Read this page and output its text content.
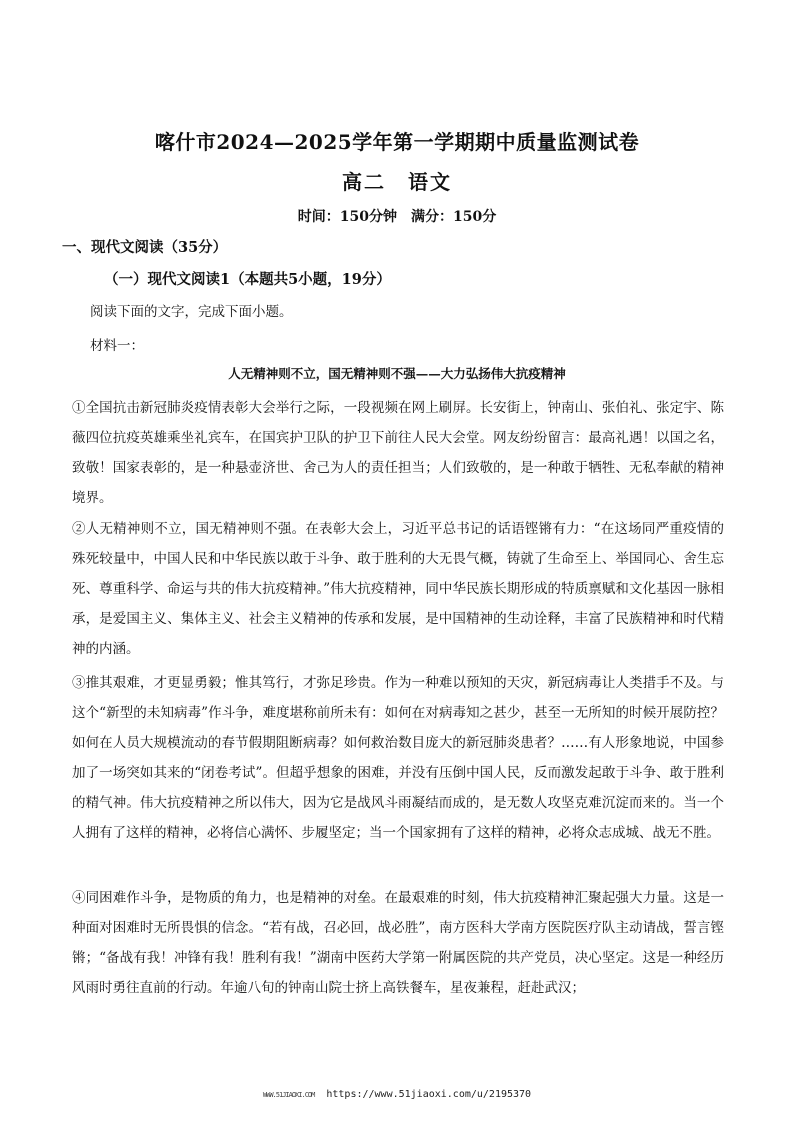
喀什市2024—2025学年第一学期期中质量监测试卷
高二　语文
时间：150分钟　满分：150分
一、现代文阅读（35分）
（一）现代文阅读1（本题共5小题，19分）
阅读下面的文字，完成下面小题。
材料一：
人无精神则不立，国无精神则不强——大力弘扬伟大抗疫精神
①全国抗击新冠肺炎疫情表彰大会举行之际，一段视频在网上刷屏。长安街上，钟南山、张伯礼、张定宇、陈薇四位抗疫英雄乘坐礼宾车，在国宾护卫队的护卫下前往人民大会堂。网友纷纷留言：最高礼遇！以国之名，致敬！国家表彰的，是一种悬壶济世、舍己为人的责任担当；人们致敬的，是一种敢于牺牲、无私奉献的精神境界。
②人无精神则不立，国无精神则不强。在表彰大会上，习近平总书记的话语铿锵有力：“在这场同严重疫情的殊死较量中，中国人民和中华民族以敢于斗争、敢于胜利的大无畏气概，铸就了生命至上、举国同心、舍生忘死、尊重科学、命运与共的伟大抗疫精神。”伟大抗疫精神，同中华民族长期形成的特质禀赋和文化基因一脉相承，是爱国主义、集体主义、社会主义精神的传承和发展，是中国精神的生动诠释，丰富了民族精神和时代精神的内涵。
③推其艰难，才更显勇毅；惟其笃行，才弥足珍贵。作为一种难以预知的天灾，新冠病毒让人类措手不及。与这个“新型的未知病毒”作斗争，难度堪称前所未有：如何在对病毒知之甚少，甚至一无所知的时候开展防控？如何在人员大规模流动的春节假期阻断病毒？如何救治数目庞大的新冠肺炎患者？……有人形象地说，中国参加了一场突如其来的“闭卷考试”。但超乎想象的困难，并没有压倒中国人民，反而激发起敢于斗争、敢于胜利的精气神。伟大抗疫精神之所以伟大，因为它是战风斗雨凝结而成的，是无数人攻坚克难沉淀而来的。当一个人拥有了这样的精神，必将信心满怀、步履坚定；当一个国家拥有了这样的精神，必将众志成城、战无不胜。
④同困难作斗争，是物质的角力，也是精神的对垒。在最艰难的时刻，伟大抗疫精神汇聚起强大力量。这是一种面对困难时无所畏惧的信念。“若有战，召必回，战必胜”，南方医科大学南方医院医疗队主动请战，誓言铿锵；“备战有我！冲锋有我！胜利有我！”湖南中医药大学第一附属医院的共产党员，决心坚定。这是一种经历风雨时勇往直前的行动。年逾八旬的钟南山院士挤上高铁餐车，星夜兼程，赶赴武汉；
WWW.51JIAOXI.COM https://www.51jiaoxi.com/u/2195370
